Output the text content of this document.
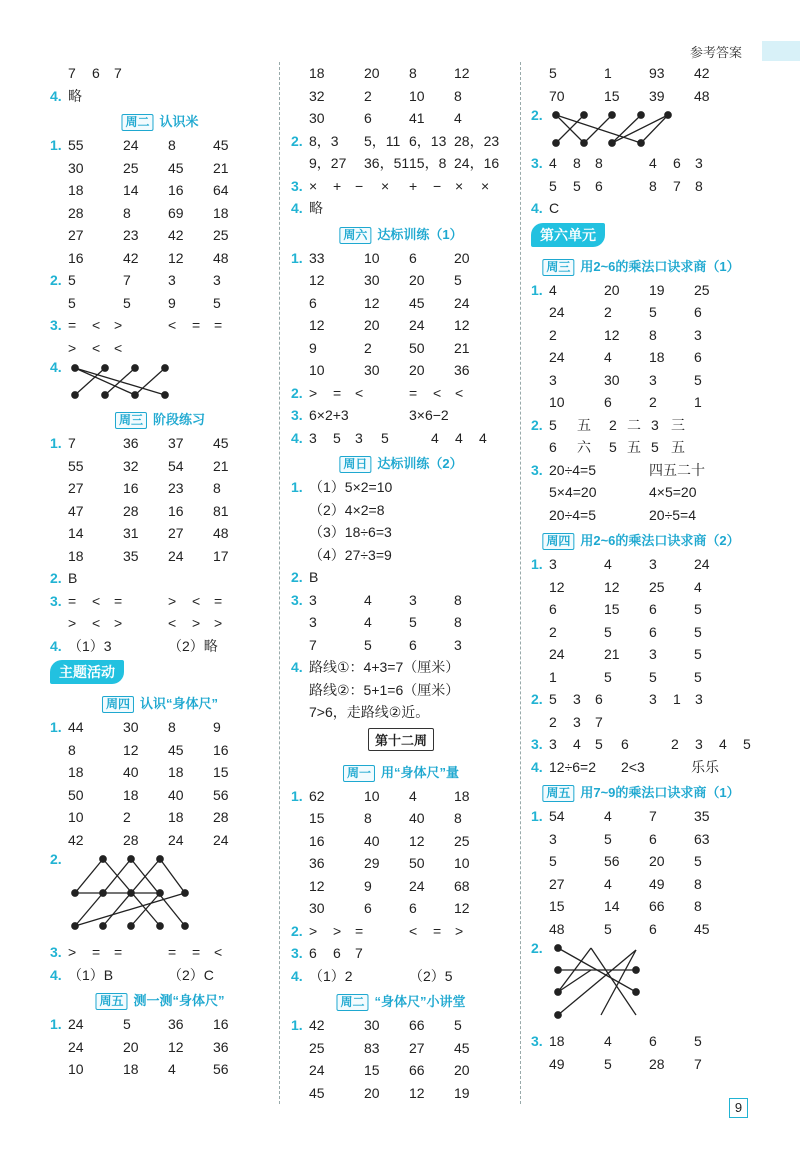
参考答案
7 6 7
4. 略
周二 认识米
1. 55	24 8	45
30	25 45 21
18	14 16 64
28	8	69 18
27	23 42 25
16	42 12 48
2. 5	7	3	3
5	5	9	5
3. = < >	< = =
> < <
4.
周三 阶段练习
1. 7	36 37 45
55	32 54 21
27	16 23 8
47	28 16 81
14	31 27 48
18	35 24 17
2. B
3. = < =	> < =
> < >	< > >
4. （1）3	（2）略
主题活动
周四 认识“身体尺”
1. 44	30 8	9
8	12 45 16
18	40 18 15
50	18 40 56
10	2	18 28
42	28 24 24
2.
3. > = =	= = <
4. （1）B	（2）C
周五 测一测“身体尺”
1. 24	5	36 16
24	20 12 36
10	18 4	56
18	20 8	12
32	2	10 8
30	6	41 4
2. 8，3 5，11 6，13 28，23
9，27 36，51 15，8 24，16
3. × + − × + − × ×
4. 略
周六 达标训练（1）
1. 33	10 6	20
12	30 20 5
6	12 45 24
12	20 24 12
9	2	50 21
10	30 20 36
2. > = <	= < <
3. 6×2+3	3×6−2
4. 3 5 3 5	4 4 4
周日 达标训练（2）
1. （1）5×2=10
（2）4×2=8
（3）18÷6=3
（4）27÷3=9
2. B
3. 3	4	3	8
3	4	5	8
7	5	6	3
4. 路线①：4+3=7（厘米）
路线②：5+1=6（厘米）
7>6，走路线②近。
第十二周
周一 用“身体尺”量
1. 62	10 4	18
15	8	40 8
16	40 12 25
36	29 50 10
12	9	24 68
30	6	6	12
2. > > =	< = >
3. 6 6 7
4. （1）2	（2）5
周二 “身体尺”小讲堂
1. 42	30 66 5
25	83 27 45
24	15 66 20
45	20 12 19
5	1	93 42
70	15 39 48
2.
3. 4 8 8	4 6 3
5 5 6	8 7 8
4. C
第六单元
周三 用2~6的乘法口诀求商（1）
1. 4	20 19 25
24	2	5	6
2	12 8	3
24	4	18 6
3	30 3	5
10	6	2	1
2. 5 五 2 二 3 三
6 六 5 五 5 五
3. 20÷4=5	四五二十
5×4=20	4×5=20
20÷4=5	20÷5=4
周四 用2~6的乘法口诀求商（2）
1. 3	4	3	24
12	12 25 4
6	15 6	5
2	5	6	5
24	21 3	5
1	5	5	5
2. 5 3 6	3 1 3
2 3 7
3. 3 4 5 6	2 3 4 5
4. 12÷6=2 2<3	乐乐
周五 用7~9的乘法口诀求商（1）
1. 54	4	7	35
3	5	6	63
5	56 20 5
27	4	49 8
15	14 66 8
48	5	6	45
2.
3. 18	4	6	5
49	5	28 7
9
